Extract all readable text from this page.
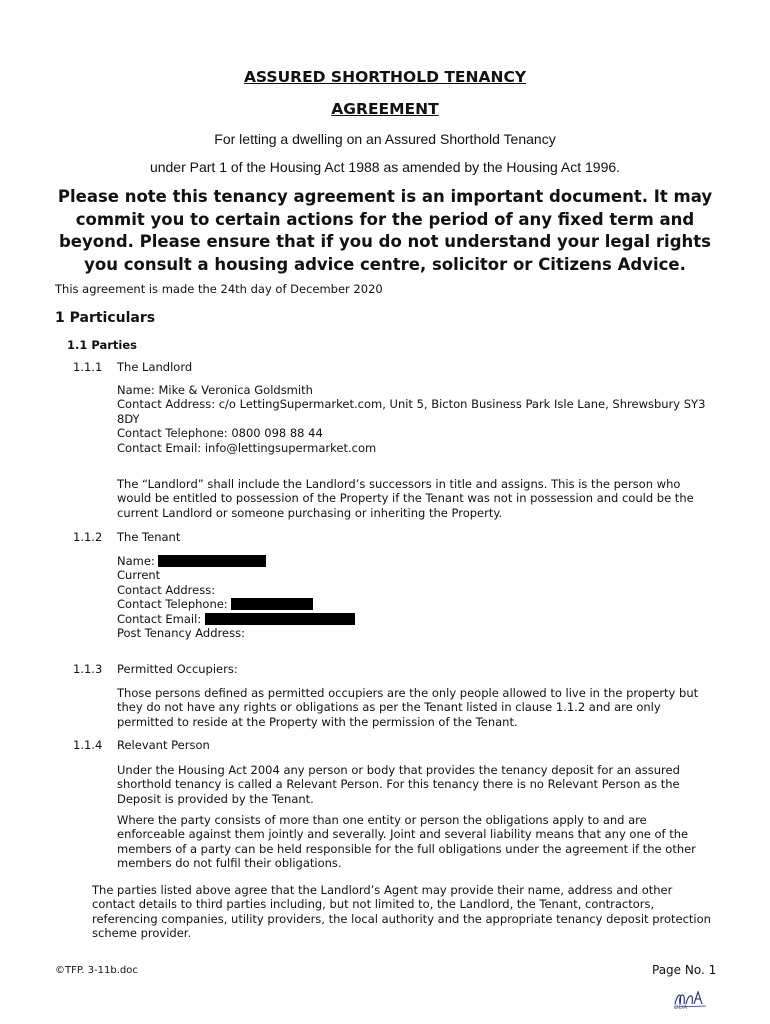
ASSURED SHORTHOLD TENANCY
AGREEMENT
For letting a dwelling on an Assured Shorthold Tenancy
under Part 1 of the Housing Act 1988 as amended by the Housing Act 1996.
Please note this tenancy agreement is an important document. It may commit you to certain actions for the period of any fixed term and beyond. Please ensure that if you do not understand your legal rights you consult a housing advice centre, solicitor or Citizens Advice.
This agreement is made the 24th day of December 2020
1 Particulars
1.1 Parties
1.1.1 The Landlord
Name: Mike & Veronica Goldsmith
Contact Address: c/o LettingSupermarket.com, Unit 5, Bicton Business Park Isle Lane, Shrewsbury SY3 8DY
Contact Telephone: 0800 098 88 44
Contact Email: info@lettingsupermarket.com
The “Landlord” shall include the Landlord’s successors in title and assigns. This is the person who would be entitled to possession of the Property if the Tenant was not in possession and could be the current Landlord or someone purchasing or inheriting the Property.
1.1.2 The Tenant
Name:
Current
Contact Address:
Contact Telephone:
Contact Email:
Post Tenancy Address:
1.1.3 Permitted Occupiers:
Those persons defined as permitted occupiers are the only people allowed to live in the property but they do not have any rights or obligations as per the Tenant listed in clause 1.1.2 and are only permitted to reside at the Property with the permission of the Tenant.
1.1.4 Relevant Person
Under the Housing Act 2004 any person or body that provides the tenancy deposit for an assured shorthold tenancy is called a Relevant Person. For this tenancy there is no Relevant Person as the Deposit is provided by the Tenant.
Where the party consists of more than one entity or person the obligations apply to and are enforceable against them jointly and severally. Joint and several liability means that any one of the members of a party can be held responsible for the full obligations under the agreement if the other members do not fulfil their obligations.
The parties listed above agree that the Landlord’s Agent may provide their name, address and other contact details to third parties including, but not limited to, the Landlord, the Tenant, contractors, referencing companies, utility providers, the local authority and the appropriate tenancy deposit protection scheme provider.
©TFP. 3-11b.doc	Page No. 1
DDA
